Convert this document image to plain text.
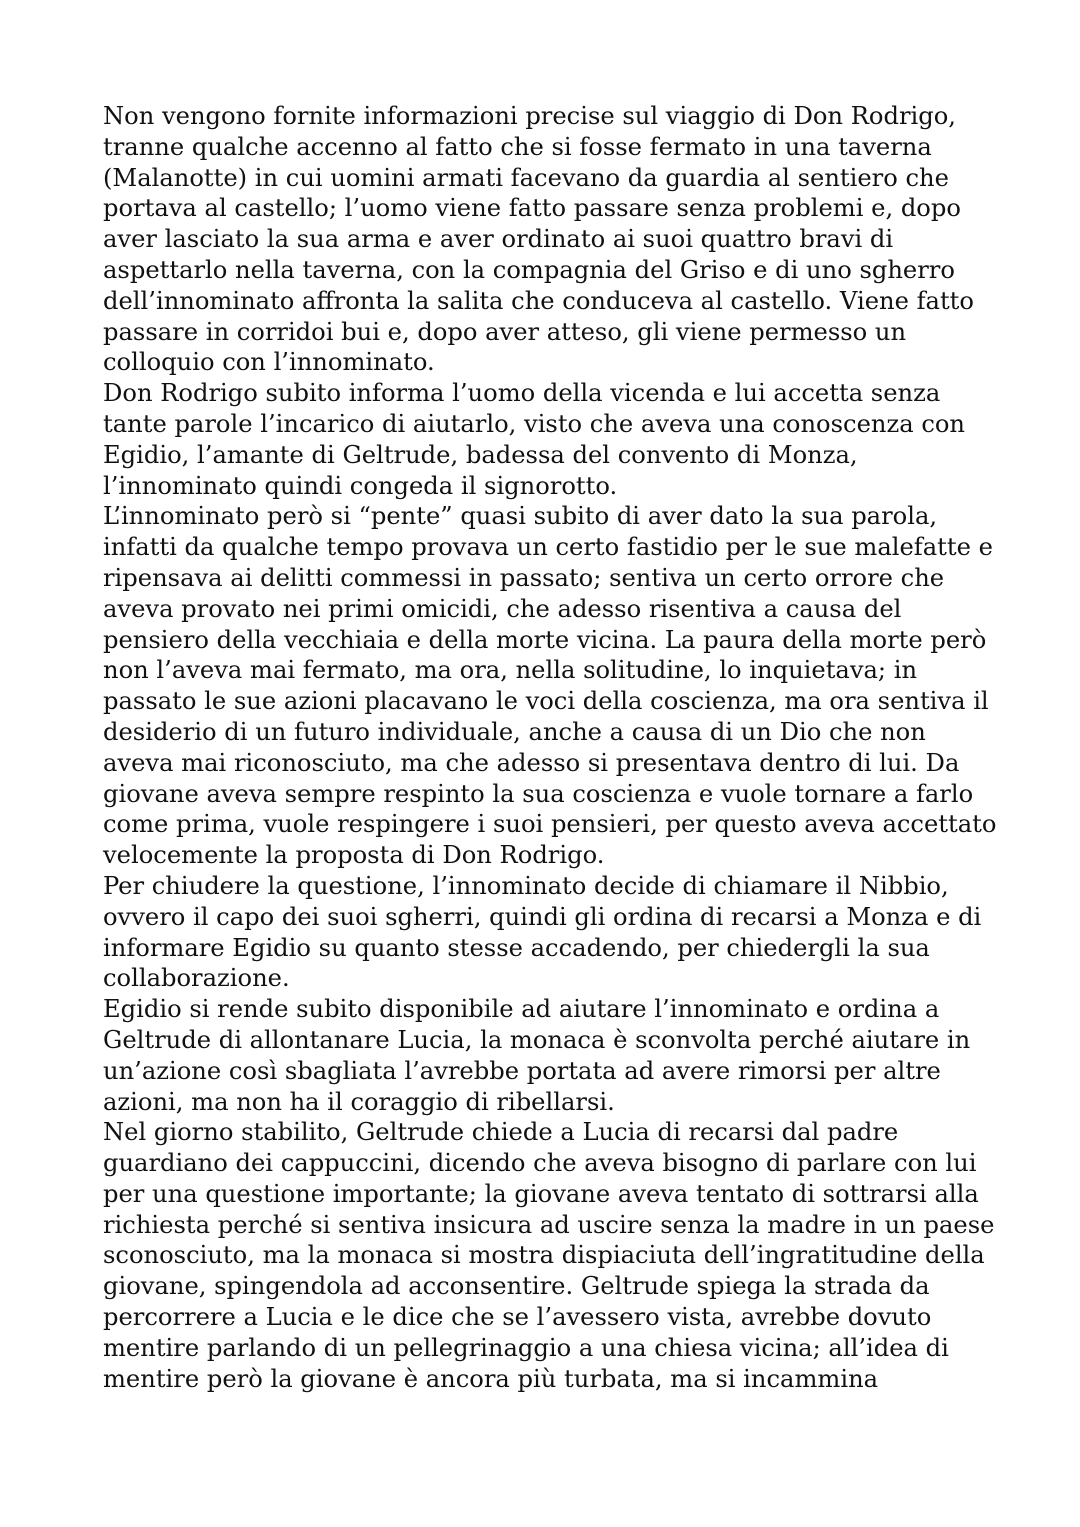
Non vengono fornite informazioni precise sul viaggio di Don Rodrigo,
tranne qualche accenno al fatto che si fosse fermato in una taverna
(Malanotte) in cui uomini armati facevano da guardia al sentiero che
portava al castello; l’uomo viene fatto passare senza problemi e, dopo
aver lasciato la sua arma e aver ordinato ai suoi quattro bravi di
aspettarlo nella taverna, con la compagnia del Griso e di uno sgherro
dell’innominato affronta la salita che conduceva al castello. Viene fatto
passare in corridoi bui e, dopo aver atteso, gli viene permesso un
colloquio con l’innominato.
Don Rodrigo subito informa l’uomo della vicenda e lui accetta senza
tante parole l’incarico di aiutarlo, visto che aveva una conoscenza con
Egidio, l’amante di Geltrude, badessa del convento di Monza,
l’innominato quindi congeda il signorotto.
L’innominato però si “pente” quasi subito di aver dato la sua parola,
infatti da qualche tempo provava un certo fastidio per le sue malefatte e
ripensava ai delitti commessi in passato; sentiva un certo orrore che
aveva provato nei primi omicidi, che adesso risentiva a causa del
pensiero della vecchiaia e della morte vicina. La paura della morte però
non l’aveva mai fermato, ma ora, nella solitudine, lo inquietava; in
passato le sue azioni placavano le voci della coscienza, ma ora sentiva il
desiderio di un futuro individuale, anche a causa di un Dio che non
aveva mai riconosciuto, ma che adesso si presentava dentro di lui. Da
giovane aveva sempre respinto la sua coscienza e vuole tornare a farlo
come prima, vuole respingere i suoi pensieri, per questo aveva accettato
velocemente la proposta di Don Rodrigo.
Per chiudere la questione, l’innominato decide di chiamare il Nibbio,
ovvero il capo dei suoi sgherri, quindi gli ordina di recarsi a Monza e di
informare Egidio su quanto stesse accadendo, per chiedergli la sua
collaborazione.
Egidio si rende subito disponibile ad aiutare l’innominato e ordina a
Geltrude di allontanare Lucia, la monaca è sconvolta perché aiutare in
un’azione così sbagliata l’avrebbe portata ad avere rimorsi per altre
azioni, ma non ha il coraggio di ribellarsi.
Nel giorno stabilito, Geltrude chiede a Lucia di recarsi dal padre
guardiano dei cappuccini, dicendo che aveva bisogno di parlare con lui
per una questione importante; la giovane aveva tentato di sottrarsi alla
richiesta perché si sentiva insicura ad uscire senza la madre in un paese
sconosciuto, ma la monaca si mostra dispiaciuta dell’ingratitudine della
giovane, spingendola ad acconsentire. Geltrude spiega la strada da
percorrere a Lucia e le dice che se l’avessero vista, avrebbe dovuto
mentire parlando di un pellegrinaggio a una chiesa vicina; all’idea di
mentire però la giovane è ancora più turbata, ma si incammina
